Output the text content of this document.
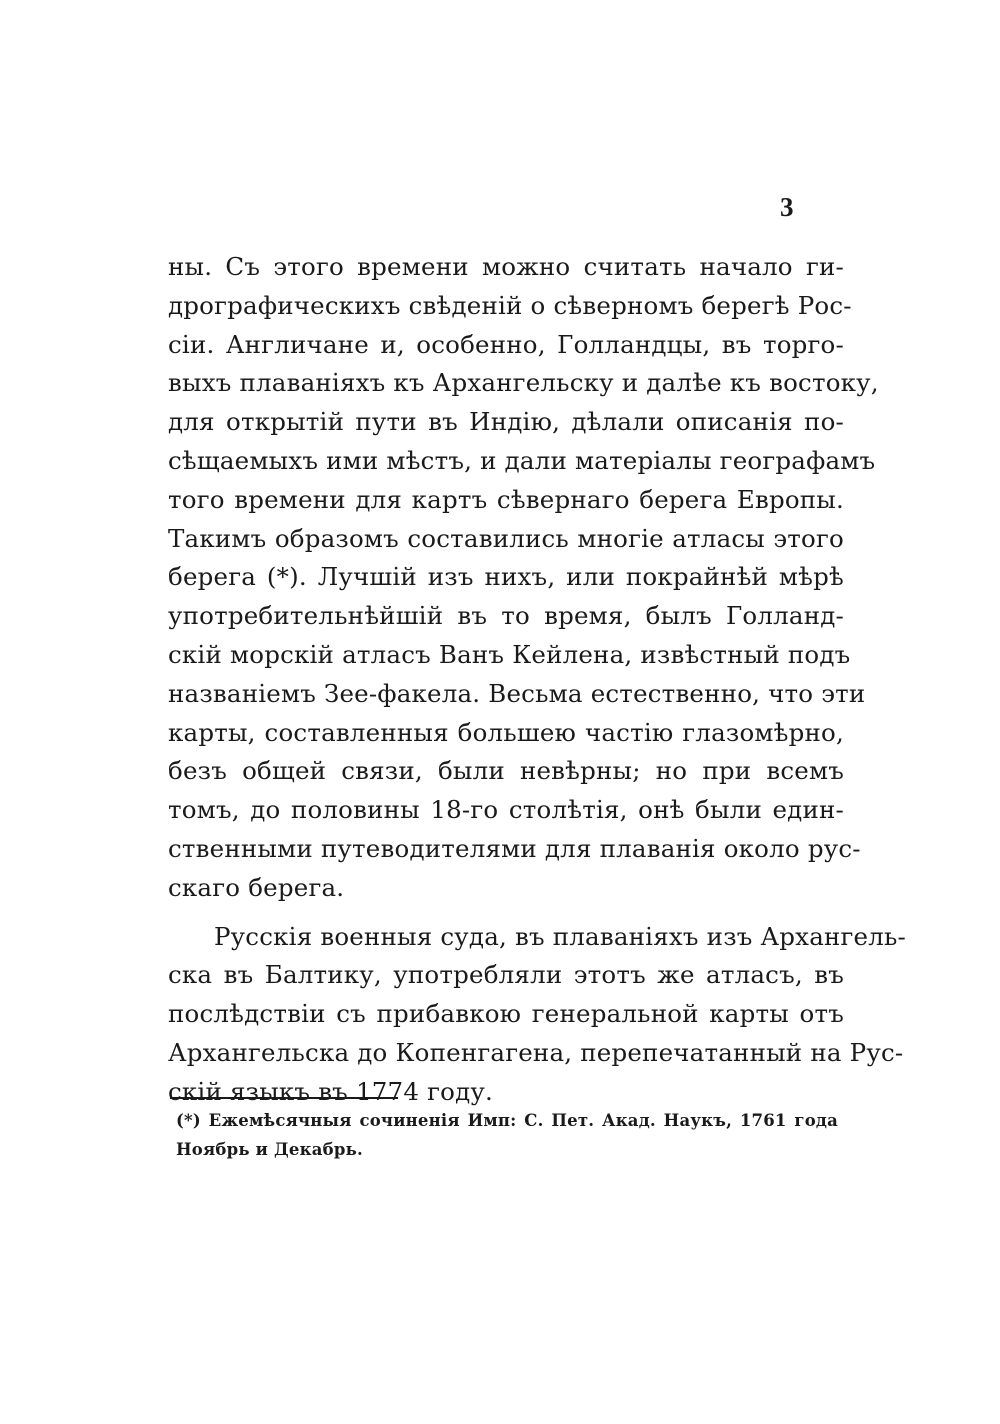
3
ны. Съ этого времени можно считать начало ги-
дрографическихъ свѣдeній о сѣверномъ берегѣ Рос-
сіи. Англичане и, особенно, Голландцы, въ торго-
выхъ плаваніяхъ къ Архангельску и далѣе къ востоку,
для открытій пути въ Индію, дѣлали описанія по-
сѣщаемыхъ ими мѣстъ, и дали матеріалы географамъ
того времени для картъ сѣвернаго берега Европы.
Такимъ образомъ составились многіе атласы этого
берега (*). Лучшій изъ нихъ, или покрайнѣй мѣрѣ
употребительнѣйшій въ то время, былъ Голланд-
скій морскій атласъ Ванъ Кейлена, извѣстный подъ
названіемъ Зее-факела. Весьма естественно, что эти
карты, составленныя большею частію глазомѣрно,
безъ общей связи, были невѣрны; но при всемъ
томъ, до половины 18-го столѣтія, онѣ были един-
ственными путеводителями для плаванія около рус-
скаго берега.
Русскія военныя суда, въ плаваніяхъ изъ Архангель-
ска въ Балтику, употребляли этотъ же атласъ, въ
послѣдствіи съ прибавкою генеральной карты отъ
Архангельска до Копенгагена, перепечатанный на Рус-
скій языкъ въ 1774 году.
(*) Ежемѣсячныя сочиненія Имп: С. Пет. Акад. Наукъ, 1761 года
Ноябрь и Декабрь.
